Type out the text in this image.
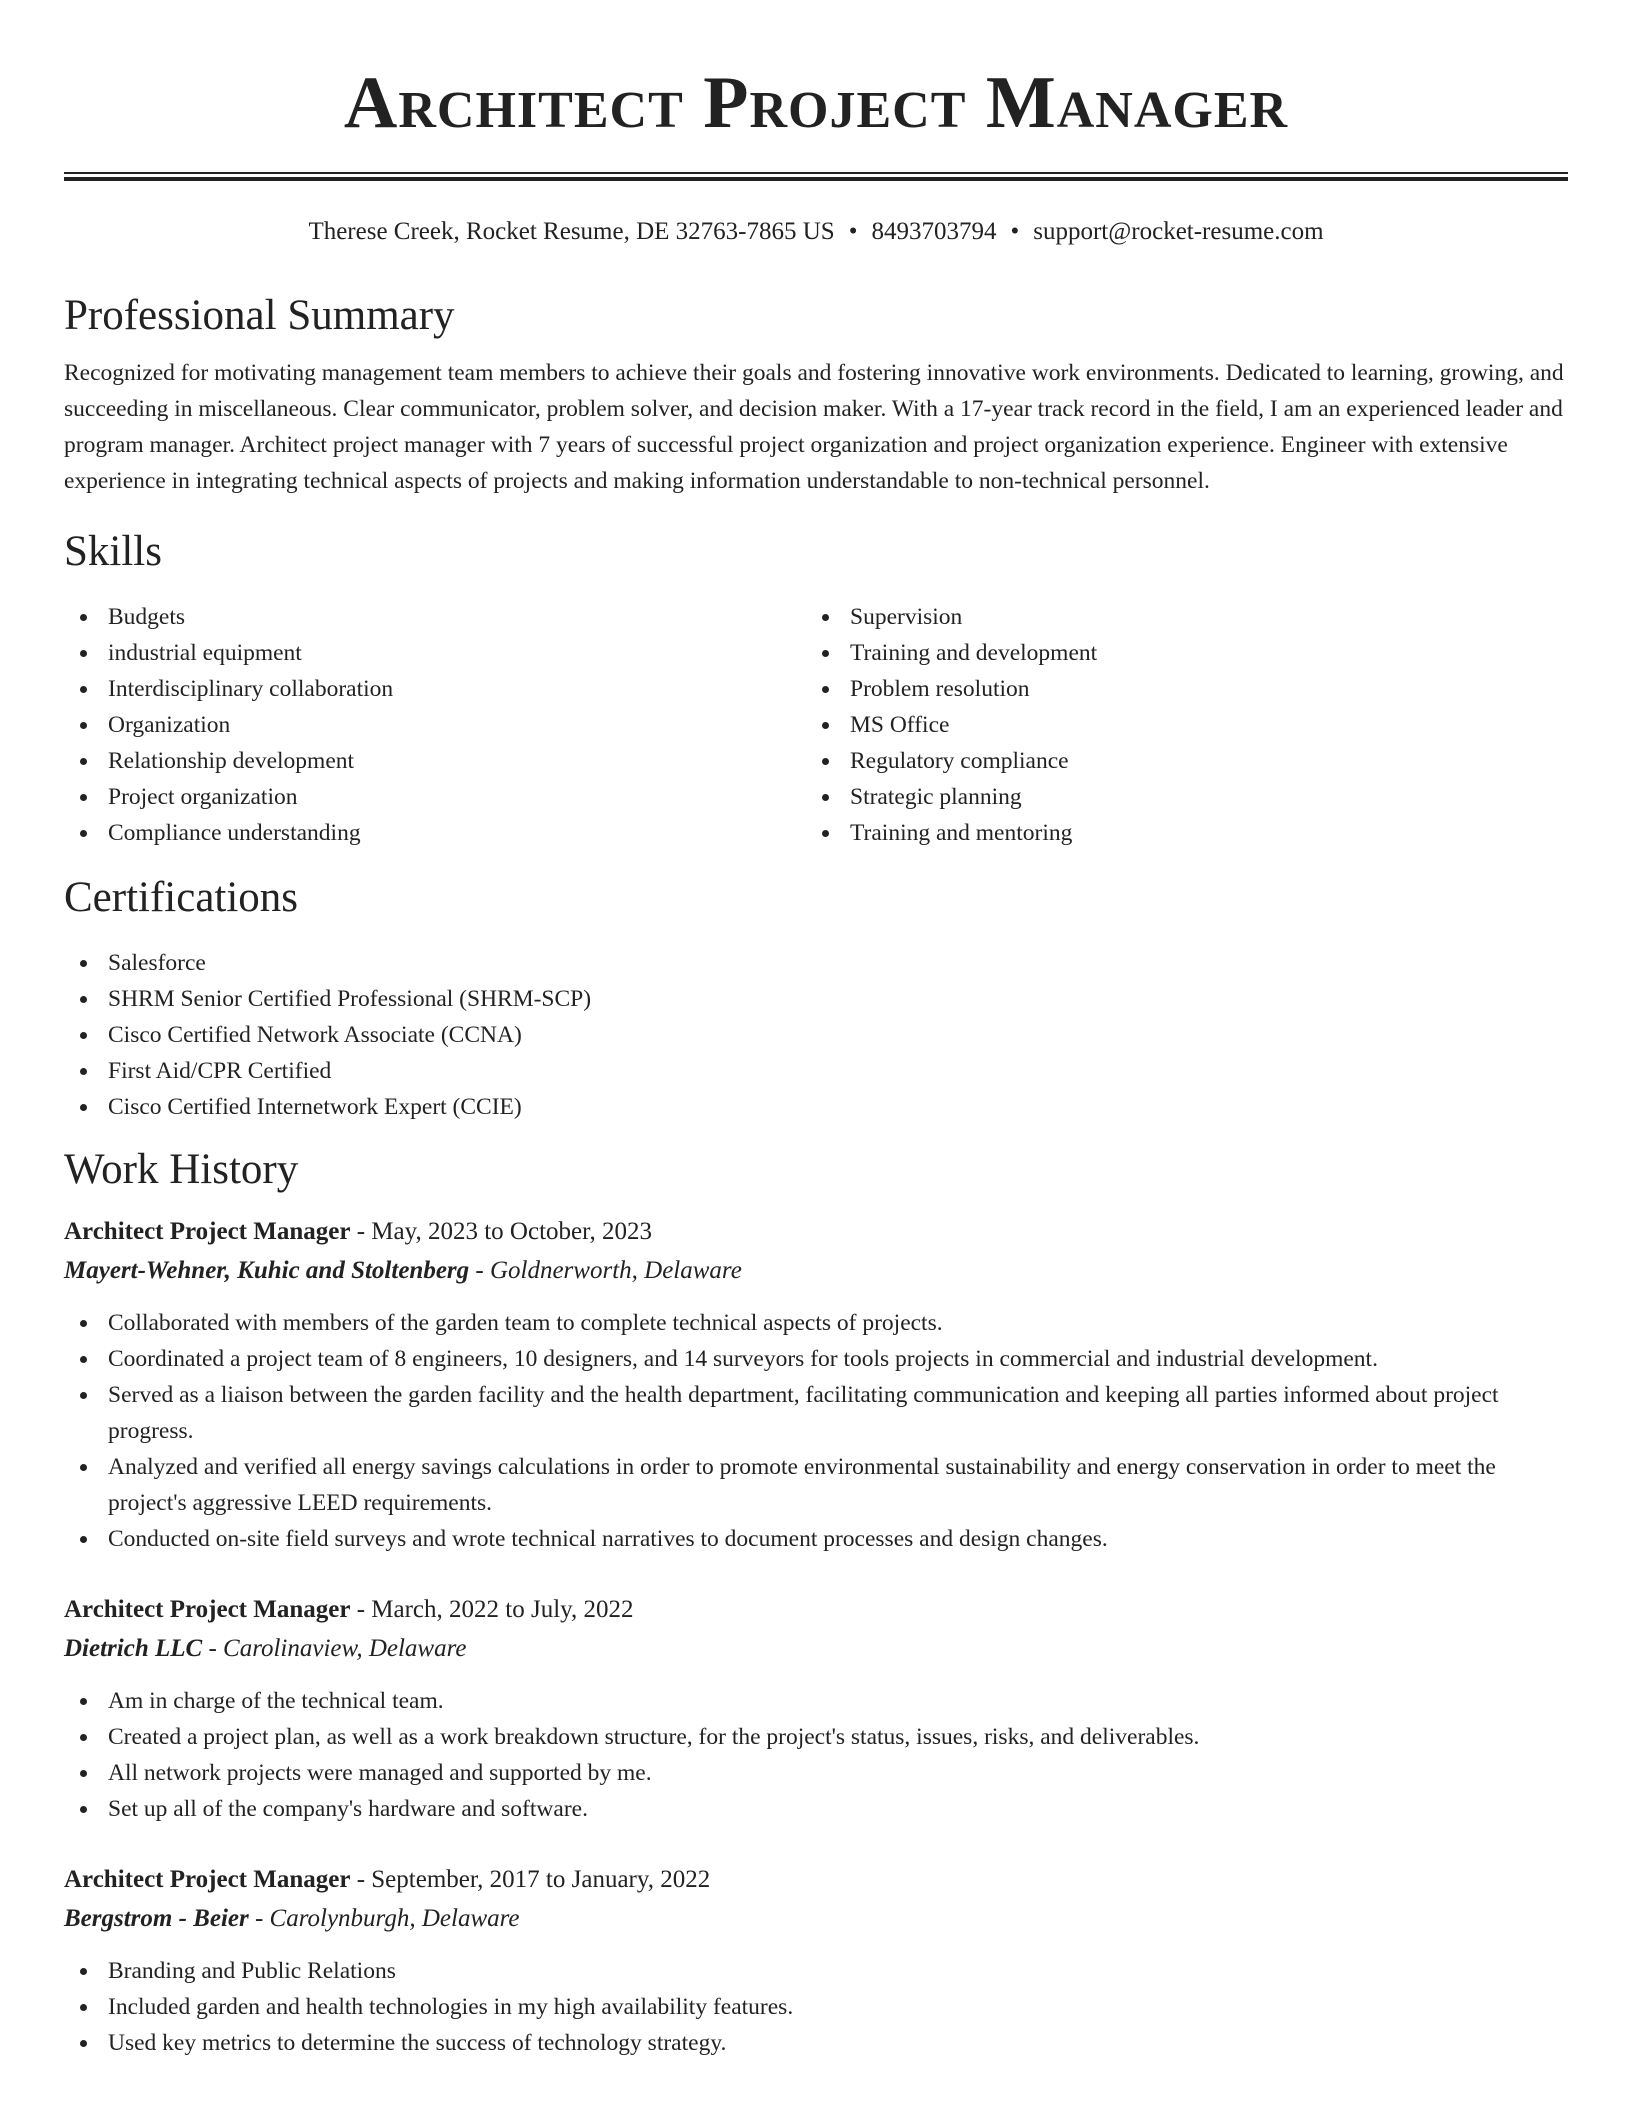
Architect Project Manager
Therese Creek, Rocket Resume, DE 32763-7865 US • 8493703794 • support@rocket-resume.com
Professional Summary

Recognized for motivating management team members to achieve their goals and fostering innovative work environments. Dedicated to learning, growing, and succeeding in miscellaneous. Clear communicator, problem solver, and decision maker. With a 17-year track record in the field, I am an experienced leader and program manager. Architect project manager with 7 years of successful project organization and project organization experience. Engineer with extensive experience in integrating technical aspects of projects and making information understandable to non-technical personnel.

Skills
Budgets
industrial equipment
Interdisciplinary collaboration
Organization
Relationship development
Project organization
Compliance understanding
Supervision
Training and development
Problem resolution
MS Office
Regulatory compliance
Strategic planning
Training and mentoring
Certifications
Salesforce
SHRM Senior Certified Professional (SHRM-SCP)
Cisco Certified Network Associate (CCNA)
First Aid/CPR Certified
Cisco Certified Internetwork Expert (CCIE)
Work History
Architect Project Manager - May, 2023 to October, 2023
Mayert-Wehner, Kuhic and Stoltenberg - Goldnerworth, Delaware
Collaborated with members of the garden team to complete technical aspects of projects.
Coordinated a project team of 8 engineers, 10 designers, and 14 surveyors for tools projects in commercial and industrial development.
Served as a liaison between the garden facility and the health department, facilitating communication and keeping all parties informed about project progress.
Analyzed and verified all energy savings calculations in order to promote environmental sustainability and energy conservation in order to meet the project's aggressive LEED requirements.
Conducted on-site field surveys and wrote technical narratives to document processes and design changes.
Architect Project Manager - March, 2022 to July, 2022
Dietrich LLC - Carolinaview, Delaware
Am in charge of the technical team.
Created a project plan, as well as a work breakdown structure, for the project's status, issues, risks, and deliverables.
All network projects were managed and supported by me.
Set up all of the company's hardware and software.
Architect Project Manager - September, 2017 to January, 2022
Bergstrom - Beier - Carolynburgh, Delaware
Branding and Public Relations
Included garden and health technologies in my high availability features.
Used key metrics to determine the success of technology strategy.
